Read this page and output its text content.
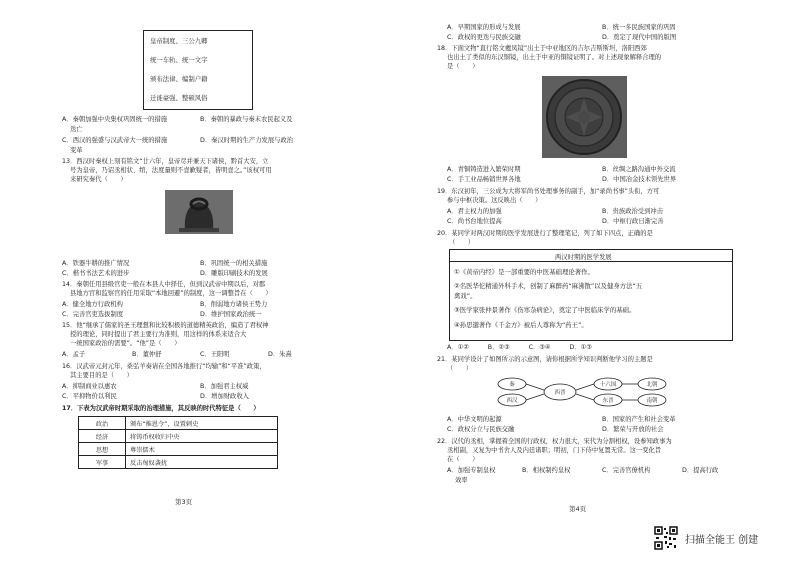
皇帝制度、三公九卿
统一车轨、统一文字
颁布法律、编制户籍
迁徙豪强、整顿风俗
A．秦朝加强中央集权巩固统一的措施	B．秦朝的暴政与秦末农民起义及
迭亡
C．西汉的强盛与汉武帝大一统的措施	D．秦汉时期的生产力发展与政治
变革
13．西汉时秦权上刻有铭文“廿六年，皇帝尽并兼天下诸侯，黔首大安，立
号为皇帝，乃诏丞相状、绾，法度量则不壹歉疑者，皆明壹之。”该权可用
来研究秦代（　　）
A．铁器牛耕的推广情况	B．巩固统一的相关措施
C．楷书书法艺术的进步	D．雕版印刷技术的发展
14．秦朝任用县级官吏一般在本县人中择任，但到汉武帝中期以后，对郡
县地方官和监察官的任用采取“本地回避”的制度，这一调整旨在（　　）
A．健全地方行政机构	B．削弱地方诸侯王势力
C．完善官吏选拔制度	D．维护国家政治统一
15．他“继承了儒家的圣王理想和比较积极的道德精英政治，编造了君权神
授的理论，同时提出了君主要行为准则，用这样的体系来适合大
一统国家政治的需要”。“他”是（　　）
A．孟子	B．董仲舒	C．王阳明	D．朱熹
16．汉武帝元封元年，桑弘羊奏请在全国各地推行“均输”和“平准”政策，
其主要目的是（　　）
A．抑制商业以惠农	B．加强君主权威
C．平抑物价以利民	D．增加财政收入
17．下表为汉武帝时期采取的治理措施，其反映的时代特征是（　　）
政治	颁布“推恩令”，设置刺史
经济	将铸币权收归中央
思想	尊崇儒术
军事	反击匈奴袭扰
第3页
A．早期国家的形成与发展	B．统一多民族国家的巩固
C．政权的更迭与民族交融	D．奠定了现代中国的版图
18．下面文物“直行铭文夔凤镜”出土于中亚地区的吉尔吉斯斯坦，洛阳西郊
也出土了类似的东汉铜镜，出土于中亚的铜镜证明了。对上述现象解释合理的
是（　　）
A．青铜铸造进入繁荣时期	B．丝绸之路沟通中外交流
C．手工业品畅销世界各地	D．中国冶金技术领先世界
19．东汉初年，三公成为大将军尚书处理事务的副手，加“录尚书事”头衔，方可
参与中枢决策。这反映出（　　）
A．君主权力的加强	B．贵族政治受到冲击
C．尚书台地位提高	D．中枢行政日渐完善
20．某同学对两汉时期的医学发展进行了整理笔记，列了如下四点，正确的是
（　　）
两汉时期的医学发展
①《黄帝内经》是一部重要的中医基础理论著作。
②名医华佗精通外科手术，创制了麻醉药“麻沸散”以及健身方法“五
禽戏”。
③医学家张仲景著作《伤寒杂病论》，奠定了中医临床学的基础。
④孙思邈著作《千金方》被后人尊称为“药王”。
A．①②　　　B．②③　　　C．③④　　　D．①③
21．某同学设计了如图所示的示意图，请你根据所学知识判断他学习的主题是
（　　）
秦
西汉
西晋
十六国
东晋
北朝
南朝
A．中华文明的起源	B．国家的产生和社会变革
C．政权分立与民族交融	D．繁荣与开放的社会
22．汉代的丞相，掌握着全国的行政权，权力很大，宋代为分割相权，设参知政事为
丞相副，又复为中书舍人及内廷诸职；明初，门下侍中复置无常。这一变化旨
在（　　）
A．加强专制皇权	B．相权制约皇权	C．完善官僚机构	D．提高行政
效率
第4页
扫描全能王 创建
